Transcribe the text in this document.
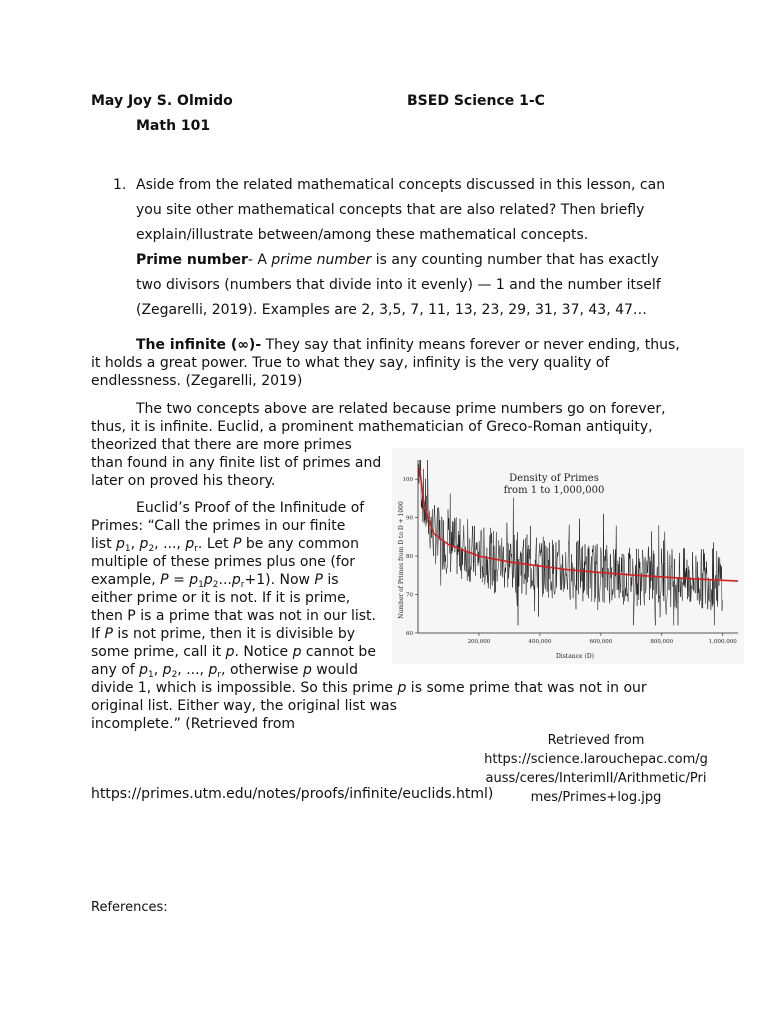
May Joy S. Olmido	BSED Science 1-C
Math 101
1. Aside from the related mathematical concepts discussed in this lesson, can
you site other mathematical concepts that are also related? Then briefly
explain/illustrate between/among these mathematical concepts.
Prime number- A prime number is any counting number that has exactly
two divisors (numbers that divide into it evenly) — 1 and the number itself
(Zegarelli, 2019). Examples are 2, 3,5, 7, 11, 13, 23, 29, 31, 37, 43, 47…
The infinite (∞)- They say that infinity means forever or never ending, thus,
it holds a great power. True to what they say, infinity is the very quality of
endlessness. (Zegarelli, 2019)
The two concepts above are related because prime numbers go on forever,
thus, it is infinite. Euclid, a prominent mathematician of Greco-Roman antiquity,
theorized that there are more primes
than found in any finite list of primes and
later on proved his theory.
Euclid’s Proof of the Infinitude of
Primes: “Call the primes in our finite
list $p_1$, $p_2$, ..., $p_r$. Let P be any common
multiple of these primes plus one (for
example, $P = p_1p_2...p_r+1$). Now P is
either prime or it is not. If it is prime,
then P is a prime that was not in our list.
If P is not prime, then it is divisible by
some prime, call it p. Notice p cannot be
any of $p_1$, $p_2$, ..., $p_r$, otherwise p would
divide 1, which is impossible. So this prime p is some prime that was not in our
original list. Either way, the original list was
incomplete.” (Retrieved from
https://primes.utm.edu/notes/proofs/infinite/euclids.html)
Density of Primes
from 1 to 1,000,000
60
70
80
90
100
200,000	400,000	600,000	800,000	1,000,000
Distance (D)
Number of Primes from D to D + 1000
Retrieved from
https://science.larouchepac.com/g
auss/ceres/InterimII/Arithmetic/Pri
mes/Primes+log.jpg
References:
